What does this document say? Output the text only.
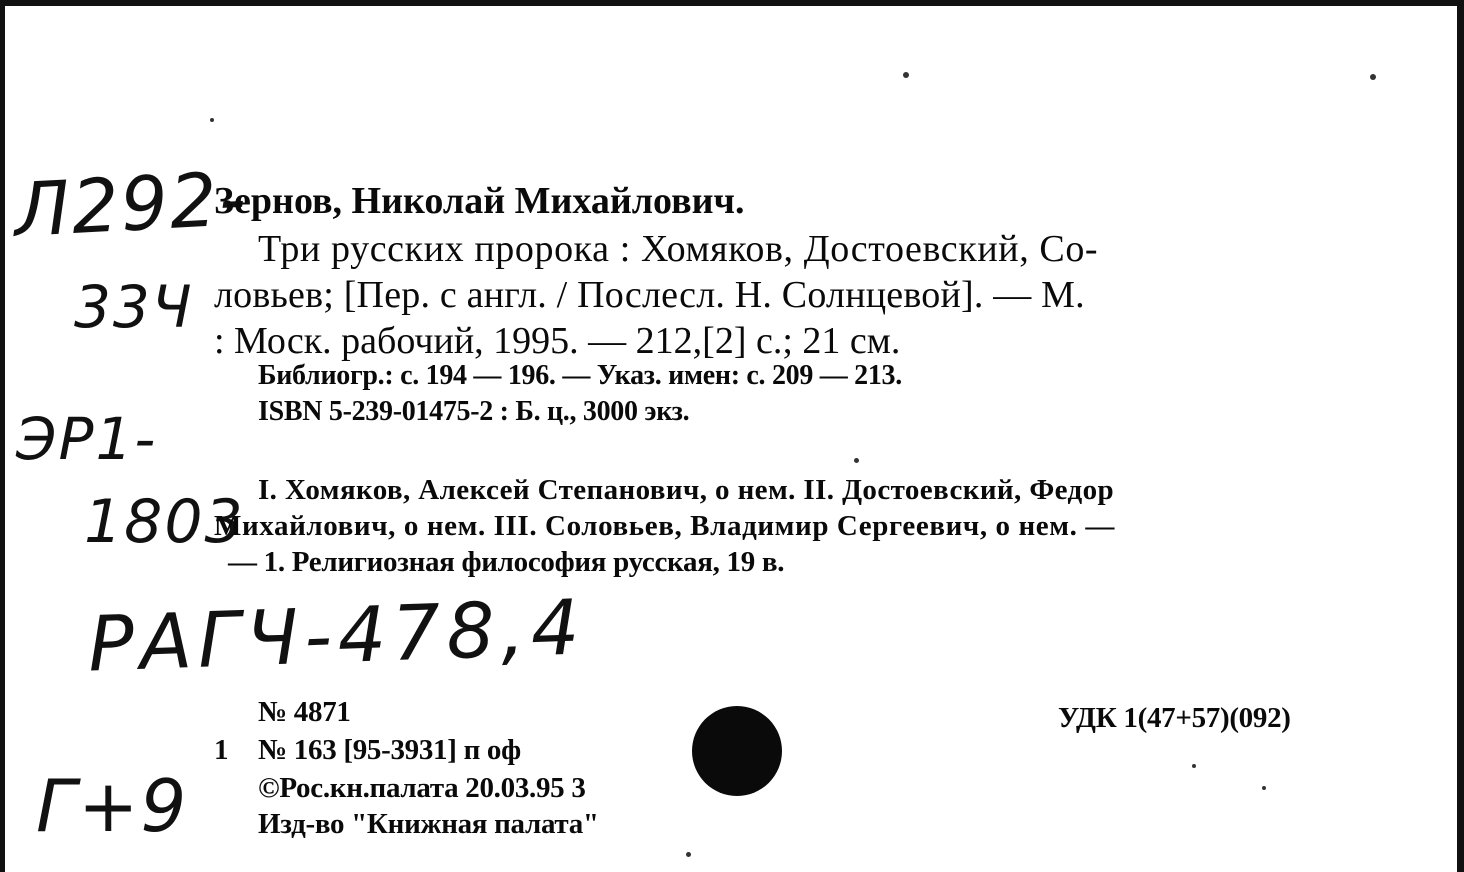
Л292-
33Ч
ЭР1-
1803
РАГЧ-478,4
Г+9
Зернов, Николай Михайлович.
Три русских пророка : Хомяков, Достоевский, Со-
ловьев; [Пер. с англ. / Послесл. Н. Солнцевой]. — М.
: Моск. рабочий, 1995. — 212,[2] с.; 21 см.
Библиогр.: с. 194 — 196. — Указ. имен: с. 209 — 213.
ISBN 5-239-01475-2 : Б. ц., 3000 экз.
I. Хомяков, Алексей Степанович, о нем. II. Достоевский, Федор
Михайлович, о нем. III. Соловьев, Владимир Сергеевич, о нем. —
— 1. Религиозная философия русская, 19 в.
№ 4871
1 № 163 [95-3931] п оф
©Рос.кн.палата 20.03.95 3
Изд-во "Книжная палата"
УДК 1(47+57)(092)
